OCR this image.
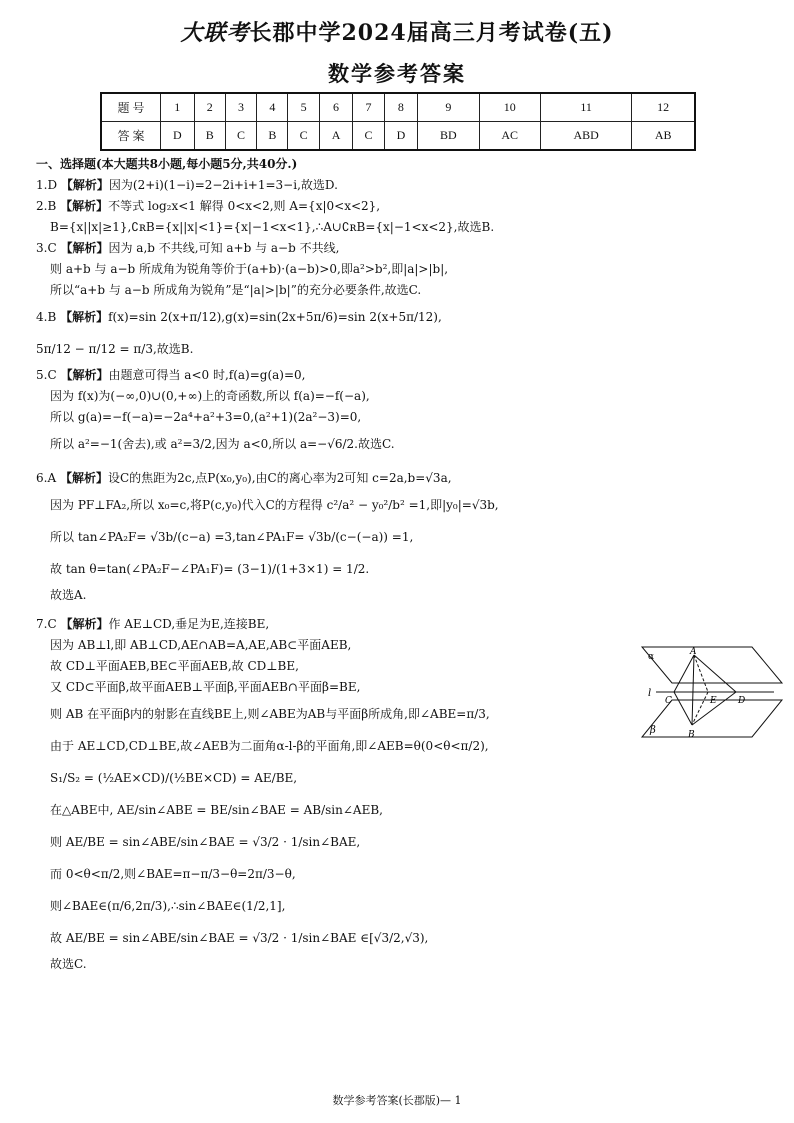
大联考长郡中学2024届高三月考试卷(五)
数学参考答案
题 号	1	2	3	4	5	6	7	8	9	10	11	12
答 案	D	B	C	B	C	A	C	D	BD	AC	ABD	AB
一、选择题(本大题共8小题,每小题5分,共40分.)
1.D 【解析】因为(2+i)(1−i)=2−2i+i+1=3−i,故选D.
2.B 【解析】不等式 log₂x<1 解得 0<x<2,则 A={x|0<x<2},
B={x||x|≥1},∁ʀB={x||x|<1}={x|−1<x<1},∴A∪∁ʀB={x|−1<x<2},故选B.
3.C 【解析】因为 a,b 不共线,可知 a+b 与 a−b 不共线,
则 a+b 与 a−b 所成角为锐角等价于(a+b)·(a−b)>0,即a²>b²,即|a|>|b|,
所以“a+b 与 a−b 所成角为锐角”是“|a|>|b|”的充分必要条件,故选C.
4.B 【解析】f(x)=sin 2(x+π/12),g(x)=sin(2x+5π/6)=sin 2(x+5π/12),
5π/12 − π/12 = π/3,故选B.
5.C 【解析】由题意可得当 a<0 时,f(a)=g(a)=0,
因为 f(x)为(−∞,0)∪(0,+∞)上的奇函数,所以 f(a)=−f(−a),
所以 g(a)=−f(−a)=−2a⁴+a²+3=0,(a²+1)(2a²−3)=0,
所以 a²=−1(舍去),或 a²=3/2,因为 a<0,所以 a=−√6/2.故选C.
6.A 【解析】设C的焦距为2c,点P(x₀,y₀),由C的离心率为2可知 c=2a,b=√3a,
因为 PF⊥FA₂,所以 x₀=c,将P(c,y₀)代入C的方程得 c²/a² − y₀²/b² =1,即|y₀|=√3b,
所以 tan∠PA₂F= √3b/(c−a) =3,tan∠PA₁F= √3b/(c−(−a)) =1,
故 tan θ=tan(∠PA₂F−∠PA₁F)= (3−1)/(1+3×1) = 1/2.
故选A.
7.C 【解析】作 AE⊥CD,垂足为E,连接BE,
因为 AB⊥l,即 AB⊥CD,AE∩AB=A,AE,AB⊂平面AEB,
故 CD⊥平面AEB,BE⊂平面AEB,故 CD⊥BE,
又 CD⊂平面β,故平面AEB⊥平面β,平面AEB∩平面β=BE,
则 AB 在平面β内的射影在直线BE上,则∠ABE为AB与平面β所成角,即∠ABE=π/3,
由于 AE⊥CD,CD⊥BE,故∠AEB为二面角α-l-β的平面角,即∠AEB=θ(0<θ<π/2),
S₁/S₂ = (½AE×CD)/(½BE×CD) = AE/BE,
在△ABE中, AE/sin∠ABE = BE/sin∠BAE = AB/sin∠AEB,
则 AE/BE = sin∠ABE/sin∠BAE = √3/2 · 1/sin∠BAE,
而 0<θ<π/2,则∠BAE=π−π/3−θ=2π/3−θ,
则∠BAE∈(π/6,2π/3),∴sin∠BAE∈(1/2,1],
故 AE/BE = sin∠ABE/sin∠BAE = √3/2 · 1/sin∠BAE ∈[√3/2,√3),
故选C.
α
β
l
A
B
C	D
E
数学参考答案(长郡版)— 1
